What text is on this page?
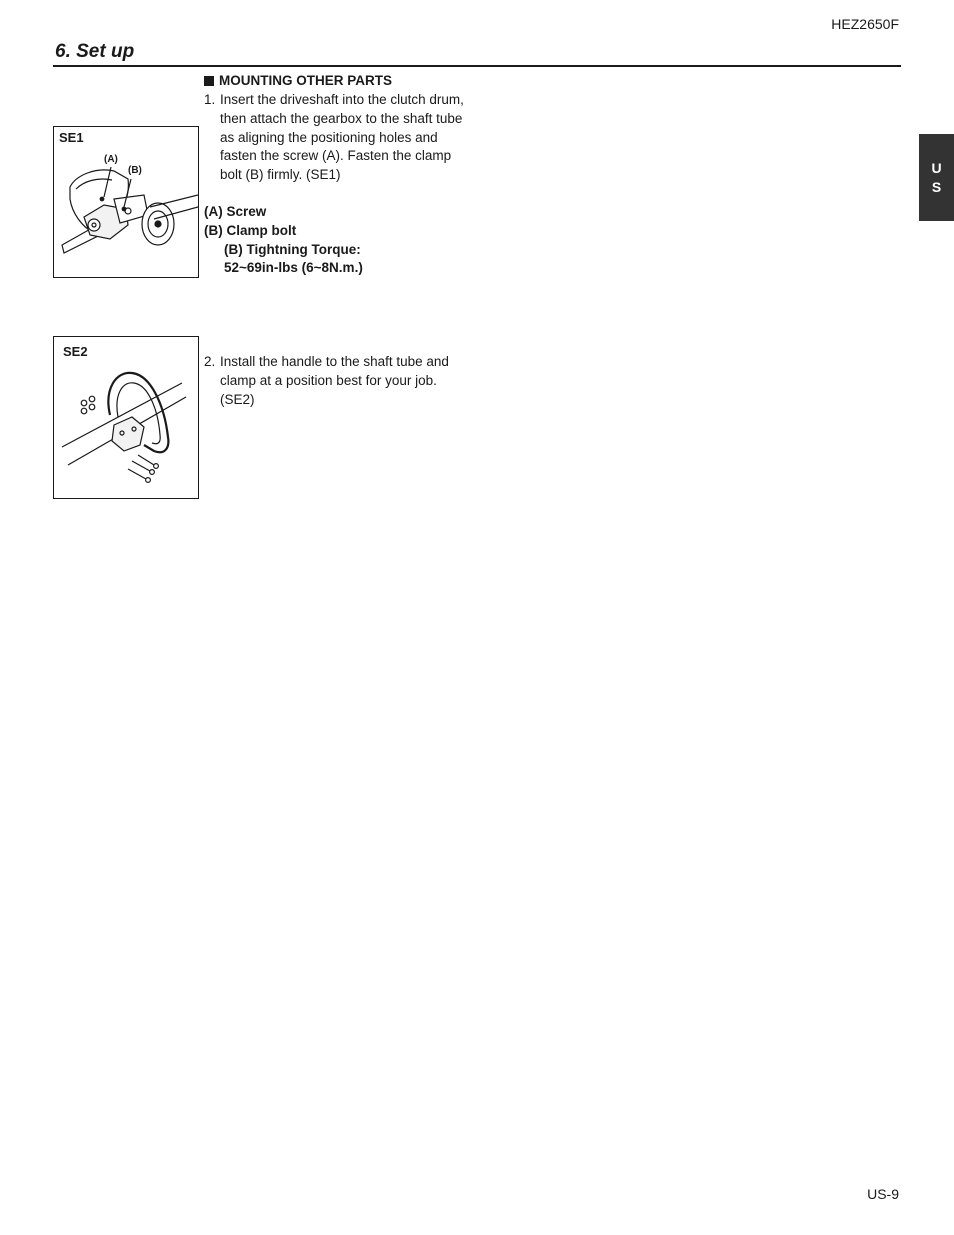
HEZ2650F
6. Set up
U
S
SE1
(A)
(B)
SE2
MOUNTING OTHER PARTS
1. Insert the driveshaft into the clutch drum, then attach the gearbox to the shaft tube as aligning the positioning holes and fasten the screw (A). Fasten the clamp bolt (B) firmly. (SE1)
(A) Screw
(B) Clamp bolt
(B) Tightning Torque:
52~69in-lbs (6~8N.m.)
2. Install the handle to the shaft tube and clamp at a position best for your job. (SE2)
US-9
